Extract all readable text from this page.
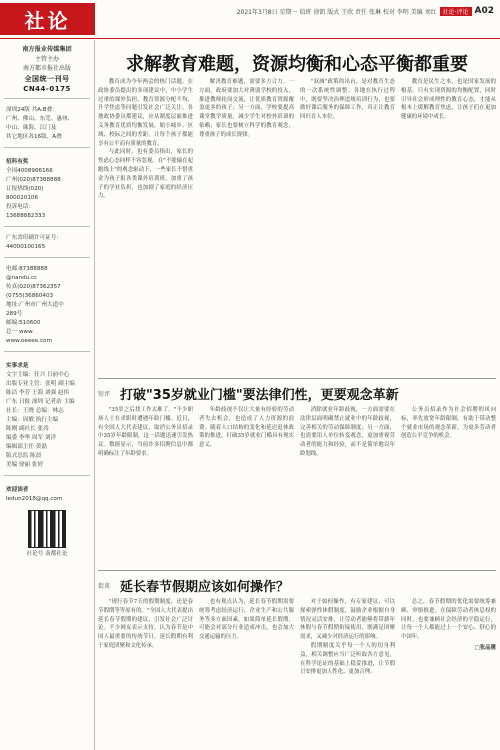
社论	2021年3月8日 星期一 值班 徐凯 版式 王欣 责任 张琳 校对 李明 美编 刘红	社论·评论 A02
南方报业传媒集团
主管主办
南方都市报社出版
全国统一刊号
CN44-0175
深圳24版 共A.B叠：
广州、佛山、东莞、惠州、
中山、珠海、江门及
其它地区各16版、A叠
招科有奖
全国4008966166
广州(020)87388888
订报热线(020)
800020106
投诉电话：
13688882333
广东省印刷许可证号：
44000100165
电邮:87388888
@nandu.cc
传真(020)87362357
(0755)36860403
地址:广州市广州大道中
289号
邮编:510600
总一 www.
www.oeeee.com
实事求是
文字主编：任兴 日前中心
出版专业主管：张明 副主编
陈洁 李芳 王海 刘强 赵伟
广东 日报 深圳 记者站 主编
社长：王晓 总编：林志
主编：周敏 执行主编
陈刚 副社长 张涛
编委 李华 周军 刘洋
编辑部主任 黄磊
版式总监 陈晨
美编 徐丽 张婷
欢迎读者
ledun2018@qq.com
社论号 南都社论
求解教育难题，资源均衡和心态平衡都重要

教育成为今年两会的热门话题。在政协委员提出的多项建议中，中小学生过重的课外负担、教育资源分配不均、升学焦虑等问题引发社会广泛关注。各地政协委员都建议，应从制度层面推进义务教育优质均衡发展，缩小城乡、区域、校际之间的差距，让每个孩子都能享有公平而有质量的教育。

与此同时，也有委员指出，家长的焦虑心态同样不容忽视。在"不能输在起跑线上"的观念驱动下，一些家长不惜重金为孩子报各类课外培训班，加重了孩子的学业负担，也加剧了家庭的经济压力。

解决教育难题，需要多方合力。一方面，政府要加大对薄弱学校的投入，推进教师轮岗交流，让优质教育资源覆盖更多的孩子；另一方面，学校要提高课堂教学质量，减少学生对校外培训的依赖；家长也要树立科学的教育观念，尊重孩子的成长规律。

"双减"政策的出台，是对教育生态的一次系统性调整。各地在执行过程中，既要坚决治理违规培训行为，也要做好课后服务的保障工作，真正让教育回归育人本位。

教育是民生之本，也是国家发展的根基。只有实现资源的均衡配置，同时引导社会形成理性的教育心态，才能从根本上缓解教育焦虑，让孩子们在更加健康的环境中成长。

短评 打破"35岁就业门槛"要法律们性，更要观念革新

"35岁之后找工作太难了。"不少职场人士在求职时遭遇年龄门槛。近日，有全国人大代表建议，取消公务员招录中35岁年龄限制，这一话题迅速引发热议。数据显示，当前许多招聘信息中都明确标注了年龄要求。

年龄歧视不仅让大量有经验的劳动者失去机会，也造成了人力资源的浪费。随着人口结构的变化和延迟退休政策的推进，打破35岁就业门槛具有现实意义。

消除就业年龄歧视，一方面需要在法律层面明确禁止就业中的年龄歧视，完善相关的劳动保障制度；另一方面，也需要用人单位转变观念，更加重视劳动者的能力和经验，而不是简单地以年龄划线。

公务员招录作为社会招聘的风向标，率先放宽年龄限制，有助于带动整个就业市场的观念革新，为更多劳动者创造公平竞争的机会。

街谈 延长春节假期应该如何操作？

"现行春节7天的假期制度，还是春节假期等等原有的。"全国人大代表提出延长春节假期的建议，引发社会广泛讨论。不少网友表示支持，认为春节是中国人最重要的传统节日，延长假期有利于家庭团聚和文化传承。

也有观点认为，延长春节假期需要统筹考虑经济运行、企业生产和公共服务等多方面因素。如果简单延长假期，可能会对部分行业造成冲击，也会加大交通运输的压力。

对于如何操作，有专家建议，可以探索弹性休假制度，鼓励企业根据自身情况灵活安排，让劳动者能够将带薪年休假与春节假期衔接使用，既满足团聚需求，又减少对经济运行的影响。

假期制度关乎每一个人的切身利益，相关调整应当广泛听取各方意见，在科学论证的基础上稳妥推进，让节假日安排更加人性化、更加合理。

总之，春节假期的优化需要统筹兼顾、审慎推进。在保障劳动者休息权的同时，也要兼顾社会经济的平稳运行，让每一个人都能过上一个安心、舒心的中国年。

□张品舅
